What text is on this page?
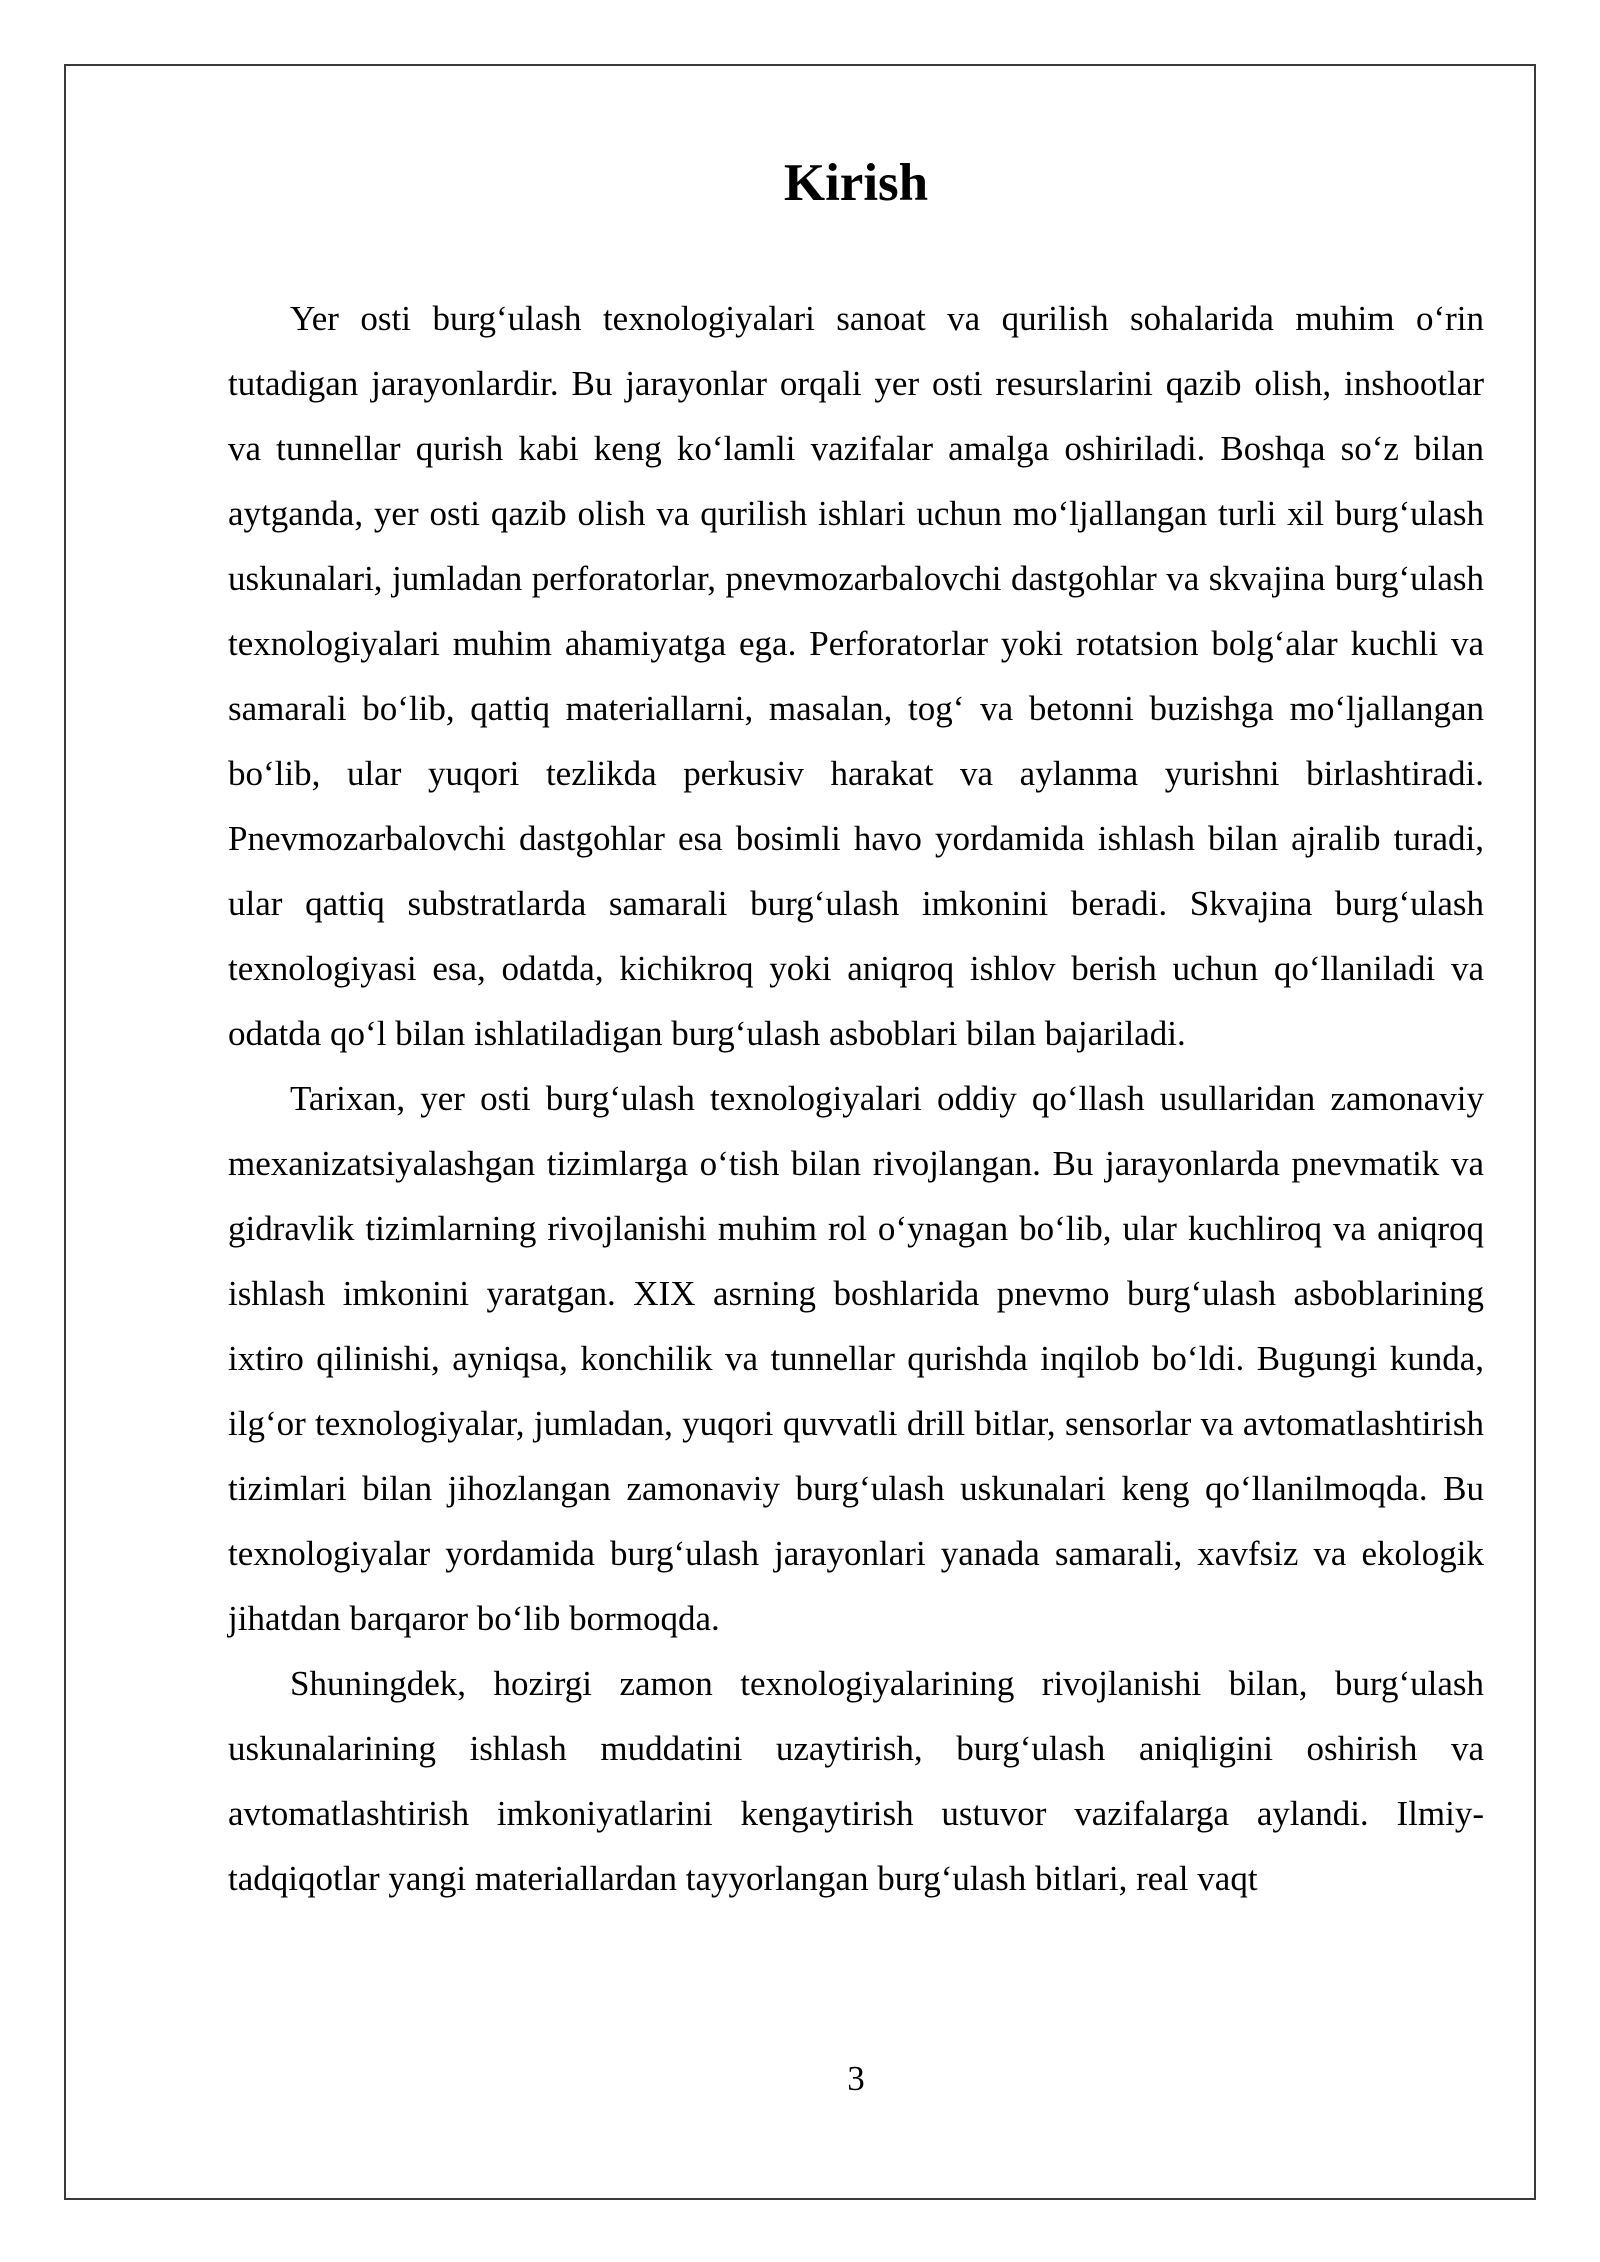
Kirish

Yer osti burg‘ulash texnologiyalari sanoat va qurilish sohalarida muhim o‘rin tutadigan jarayonlardir. Bu jarayonlar orqali yer osti resurslarini qazib olish, inshootlar va tunnellar qurish kabi keng ko‘lamli vazifalar amalga oshiriladi. Boshqa so‘z bilan aytganda, yer osti qazib olish va qurilish ishlari uchun mo‘ljallangan turli xil burg‘ulash uskunalari, jumladan perforatorlar, pnevmozarbalovchi dastgohlar va skvajina burg‘ulash texnologiyalari muhim ahamiyatga ega. Perforatorlar yoki rotatsion bolg‘alar kuchli va samarali bo‘lib, qattiq materiallarni, masalan, tog‘ va betonni buzishga mo‘ljallangan bo‘lib, ular yuqori tezlikda perkusiv harakat va aylanma yurishni birlashtiradi. Pnevmozarbalovchi dastgohlar esa bosimli havo yordamida ishlash bilan ajralib turadi, ular qattiq substratlarda samarali burg‘ulash imkonini beradi. Skvajina burg‘ulash texnologiyasi esa, odatda, kichikroq yoki aniqroq ishlov berish uchun qo‘llaniladi va odatda qo‘l bilan ishlatiladigan burg‘ulash asboblari bilan bajariladi.

Tarixan, yer osti burg‘ulash texnologiyalari oddiy qo‘llash usullaridan zamonaviy mexanizatsiyalashgan tizimlarga o‘tish bilan rivojlangan. Bu jarayonlarda pnevmatik va gidravlik tizimlarning rivojlanishi muhim rol o‘ynagan bo‘lib, ular kuchliroq va aniqroq ishlash imkonini yaratgan. XIX asrning boshlarida pnevmo burg‘ulash asboblarining ixtiro qilinishi, ayniqsa, konchilik va tunnellar qurishda inqilob bo‘ldi. Bugungi kunda, ilg‘or texnologiyalar, jumladan, yuqori quvvatli drill bitlar, sensorlar va avtomatlashtirish tizimlari bilan jihozlangan zamonaviy burg‘ulash uskunalari keng qo‘llanilmoqda. Bu texnologiyalar yordamida burg‘ulash jarayonlari yanada samarali, xavfsiz va ekologik jihatdan barqaror bo‘lib bormoqda.

Shuningdek, hozirgi zamon texnologiyalarining rivojlanishi bilan, burg‘ulash uskunalarining ishlash muddatini uzaytirish, burg‘ulash aniqligini oshirish va avtomatlashtirish imkoniyatlarini kengaytirish ustuvor vazifalarga aylandi. Ilmiy-tadqiqotlar yangi materiallardan tayyorlangan burg‘ulash bitlari, real vaqt

3
